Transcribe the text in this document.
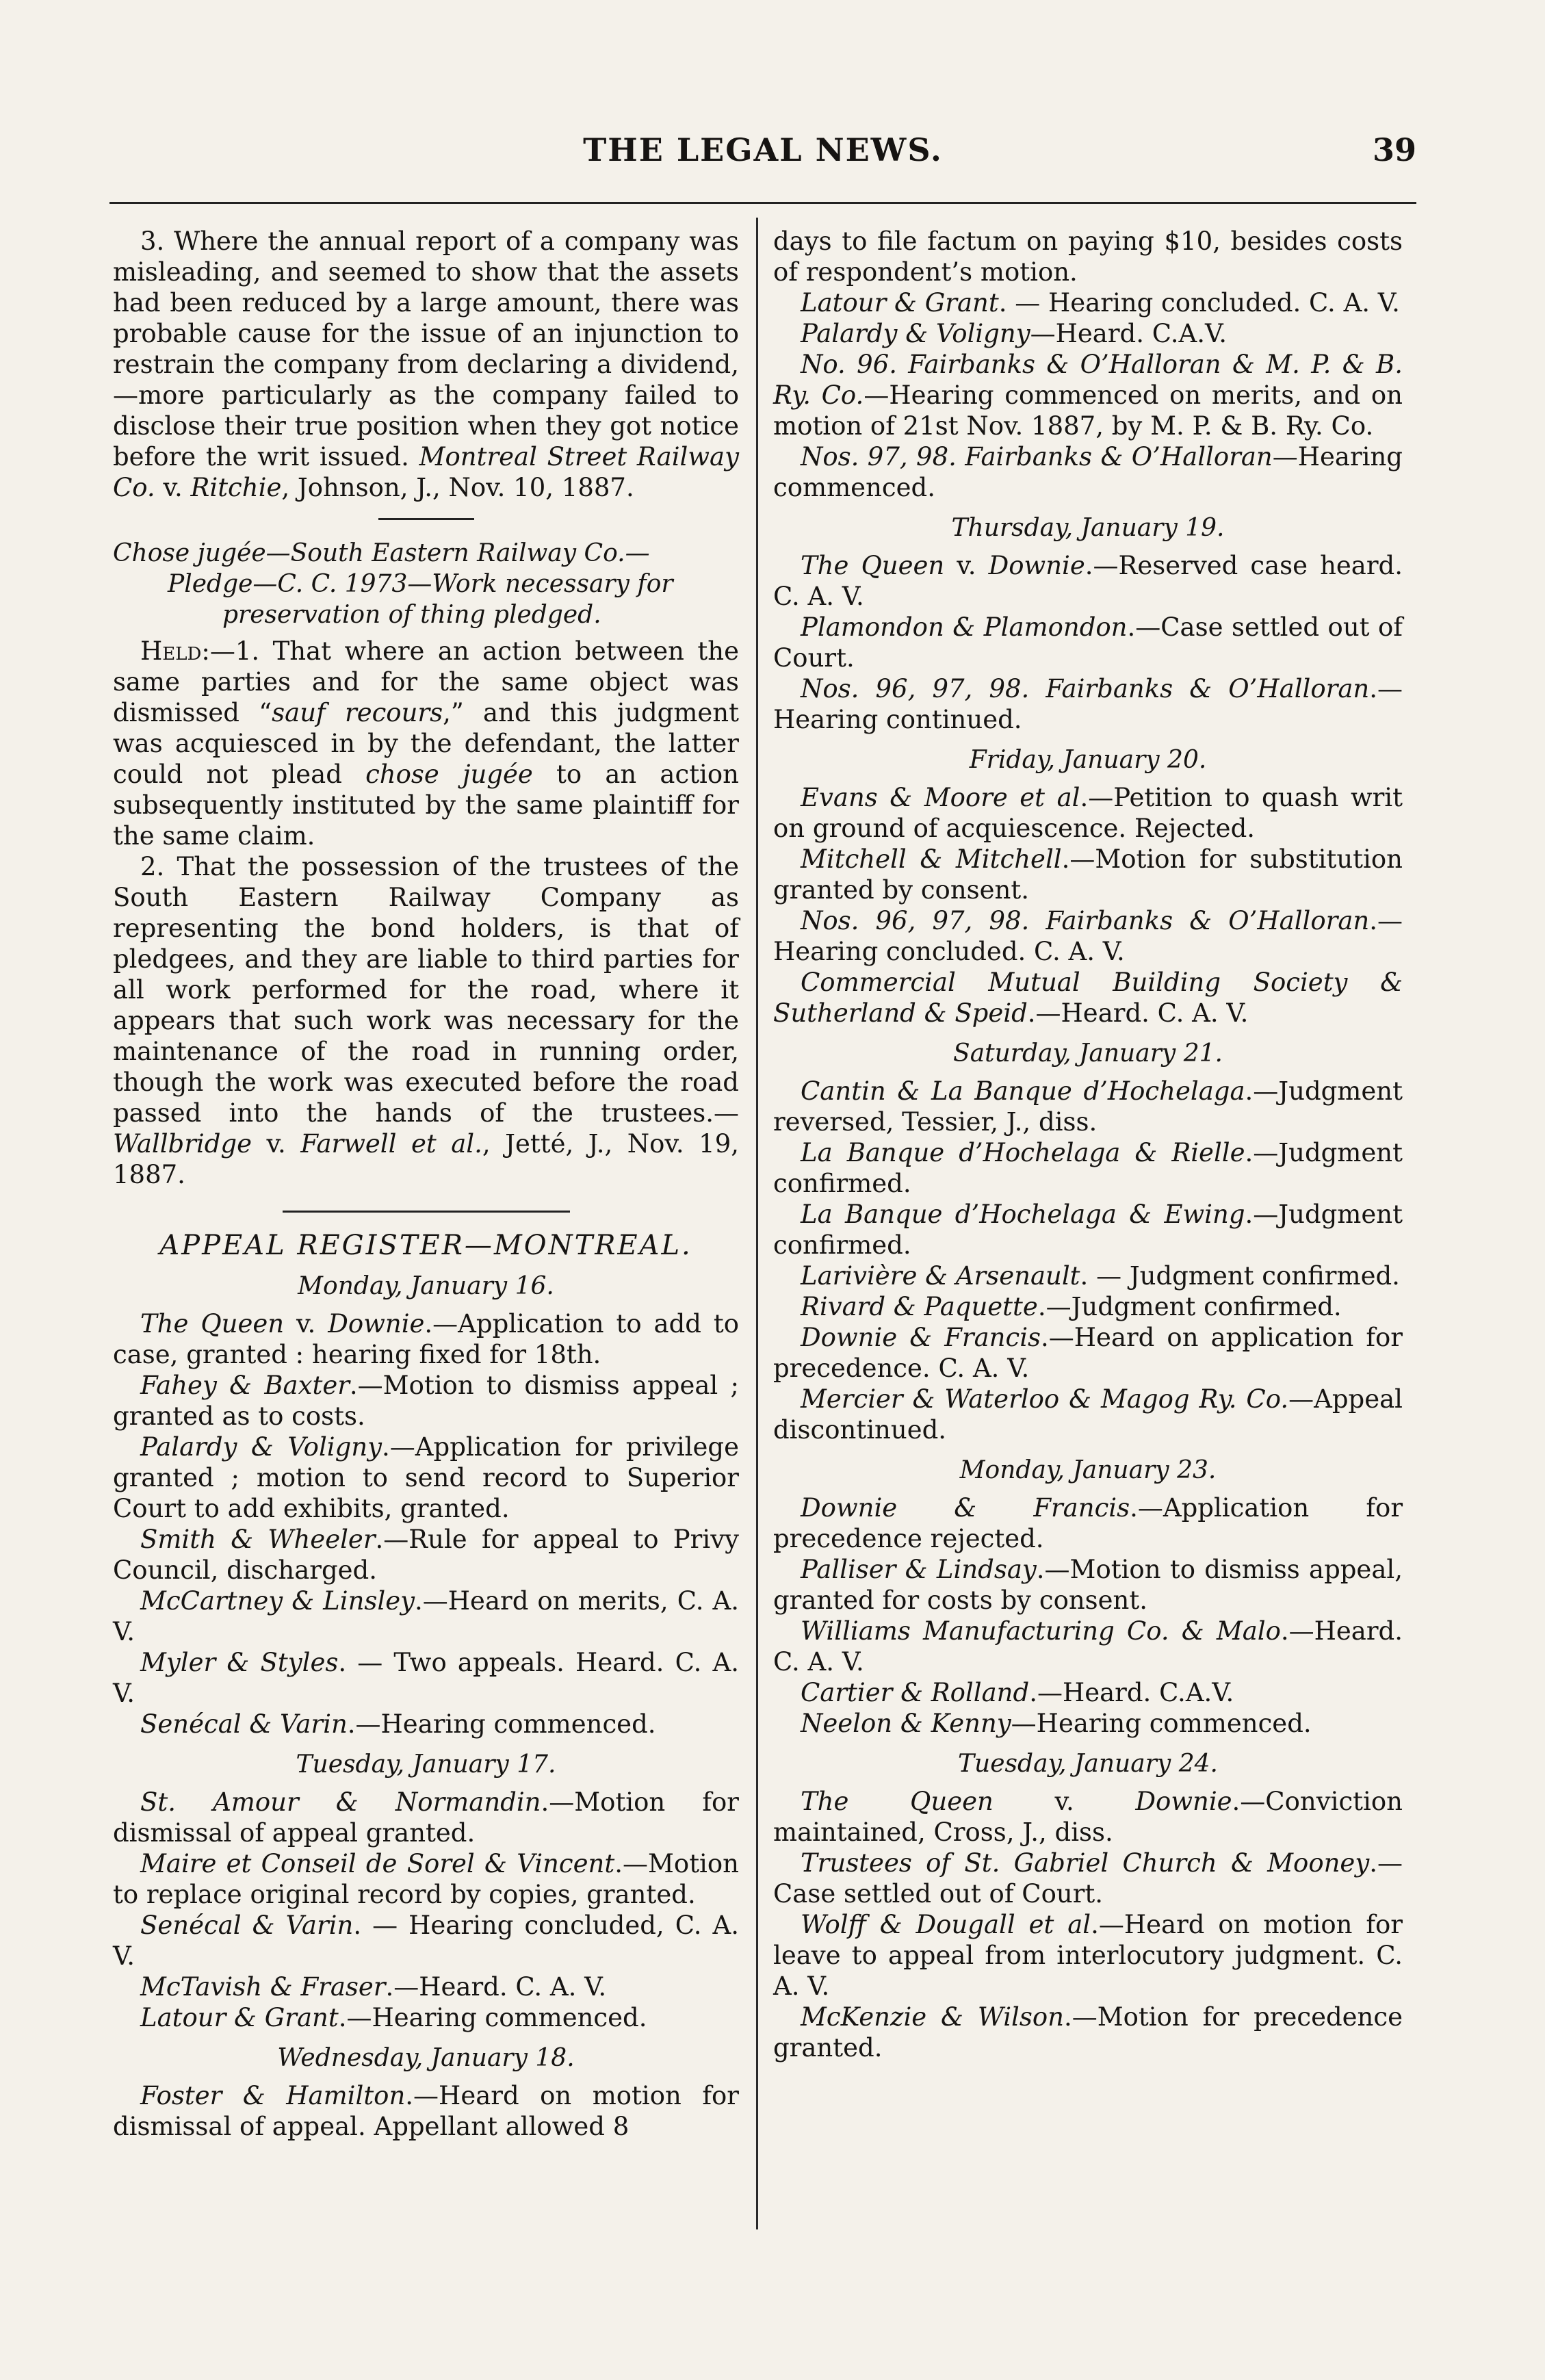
THE LEGAL NEWS.	39

3. Where the annual report of a company was misleading, and seemed to show that the assets had been reduced by a large amount, there was probable cause for the issue of an injunction to restrain the company from declaring a dividend,—more particularly as the company failed to disclose their true position when they got notice before the writ issued. Montreal Street Railway Co. v. Ritchie, Johnson, J., Nov. 10, 1887.

Chose jugée—South Eastern Railway Co.—
Pledge—C. C. 1973—Work necessary for
preservation of thing pledged.

Held:—1. That where an action between the same parties and for the same object was dismissed “sauf recours,” and this judgment was acquiesced in by the defendant, the latter could not plead chose jugée to an action subsequently instituted by the same plaintiff for the same claim.

2. That the possession of the trustees of the South Eastern Railway Company as representing the bond holders, is that of pledgees, and they are liable to third parties for all work performed for the road, where it appears that such work was necessary for the maintenance of the road in running order, though the work was executed before the road passed into the hands of the trustees.—Wallbridge v. Farwell et al., Jetté, J., Nov. 19, 1887.

APPEAL REGISTER—MONTREAL.
Monday, January 16.

The Queen v. Downie.—Application to add to case, granted : hearing fixed for 18th.

Fahey & Baxter.—Motion to dismiss appeal ; granted as to costs.

Palardy & Voligny.—Application for privilege granted ; motion to send record to Superior Court to add exhibits, granted.

Smith & Wheeler.—Rule for appeal to Privy Council, discharged.

McCartney & Linsley.—Heard on merits, C. A. V.

Myler & Styles. — Two appeals. Heard. C. A. V.

Senécal & Varin.—Hearing commenced.

Tuesday, January 17.

St. Amour & Normandin.—Motion for dismissal of appeal granted.

Maire et Conseil de Sorel & Vincent.—Motion to replace original record by copies, granted.

Senécal & Varin. — Hearing concluded, C. A. V.

McTavish & Fraser.—Heard. C. A. V.

Latour & Grant.—Hearing commenced.

Wednesday, January 18.

Foster & Hamilton.—Heard on motion for dismissal of appeal. Appellant allowed 8

days to file factum on paying $10, besides costs of respondent’s motion.

Latour & Grant. — Hearing concluded. C. A. V.

Palardy & Voligny—Heard. C.A.V.

No. 96. Fairbanks & O’Halloran & M. P. & B. Ry. Co.—Hearing commenced on merits, and on motion of 21st Nov. 1887, by M. P. & B. Ry. Co.

Nos. 97, 98. Fairbanks & O’Halloran—Hearing commenced.

Thursday, January 19.

The Queen v. Downie.—Reserved case heard. C. A. V.

Plamondon & Plamondon.—Case settled out of Court.

Nos. 96, 97, 98. Fairbanks & O’Halloran.—Hearing continued.

Friday, January 20.

Evans & Moore et al.—Petition to quash writ on ground of acquiescence. Rejected.

Mitchell & Mitchell.—Motion for substitution granted by consent.

Nos. 96, 97, 98. Fairbanks & O’Halloran.—Hearing concluded. C. A. V.

Commercial Mutual Building Society & Sutherland & Speid.—Heard. C. A. V.

Saturday, January 21.

Cantin & La Banque d’Hochelaga.—Judgment reversed, Tessier, J., diss.

La Banque d’Hochelaga & Rielle.—Judgment confirmed.

La Banque d’Hochelaga & Ewing.—Judgment confirmed.

Larivière & Arsenault. — Judgment confirmed.

Rivard & Paquette.—Judgment confirmed.

Downie & Francis.—Heard on application for precedence. C. A. V.

Mercier & Waterloo & Magog Ry. Co.—Appeal discontinued.

Monday, January 23.

Downie & Francis.—Application for precedence rejected.

Palliser & Lindsay.—Motion to dismiss appeal, granted for costs by consent.

Williams Manufacturing Co. & Malo.—Heard. C. A. V.

Cartier & Rolland.—Heard. C.A.V.

Neelon & Kenny—Hearing commenced.

Tuesday, January 24.

The Queen v. Downie.—Conviction maintained, Cross, J., diss.

Trustees of St. Gabriel Church & Mooney.—Case settled out of Court.

Wolff & Dougall et al.—Heard on motion for leave to appeal from interlocutory judgment. C. A. V.

McKenzie & Wilson.—Motion for precedence granted.
